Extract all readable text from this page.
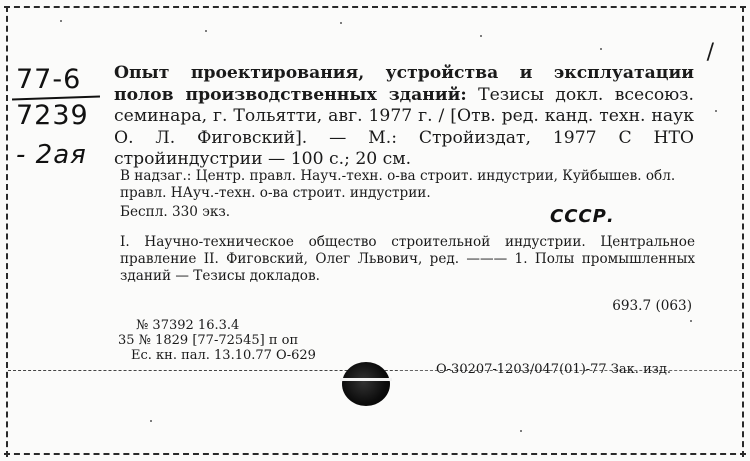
77-6
7239
- 2ая
/
Опыт проектирования, устройства и эксплуатации полов производственных зданий: Тезисы докл. всесоюз. семинара, г. Тольятти, авг. 1977 г. / [Отв. ред. канд. техн. наук О. Л. Фиговский]. — М.: Стройиздат, 1977 С НТО стройиндустрии — 100 с.; 20 см.
В надзаг.: Центр. правл. Науч.-техн. о-ва строит. индустрии, Куйбышев. обл. правл. НАуч.-техн. о-ва строит. индустрии.
Беспл. 330 экз.	СССР.
I. Научно-техническое общество строительной индустрии. Центральное правление II. Фиговский, Олег Львович, ред. ——— 1. Полы промышленных зданий — Тезисы докладов.
693.7 (063)
№ 37392 16.3.4
35 № 1829 [77-72545] п оп
Ес. кн. пал. 13.10.77 О-629
О-30207-1203/047(01)-77 Зак. изд.
